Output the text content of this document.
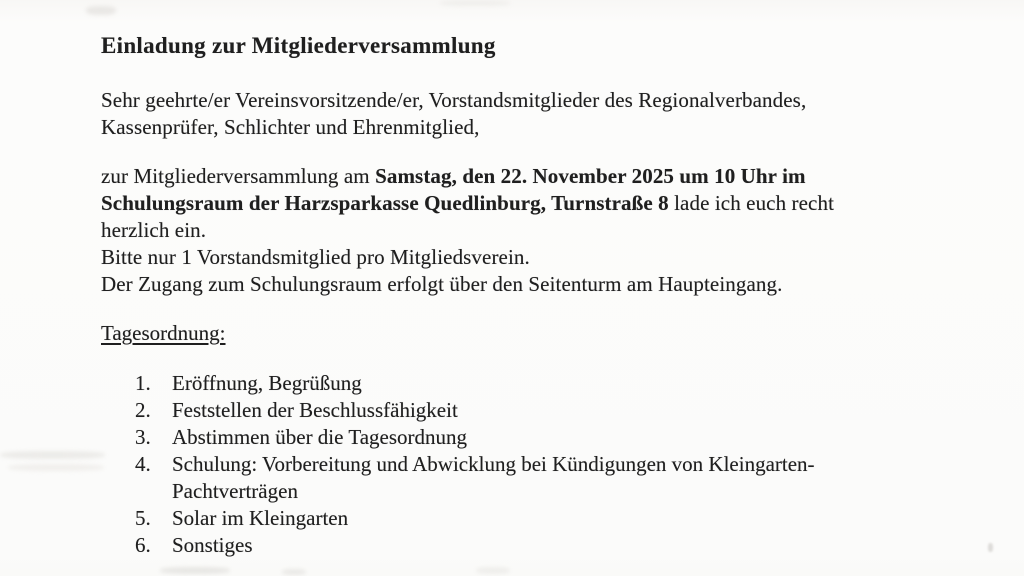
Einladung zur Mitgliederversammlung

Sehr geehrte/er Vereinsvorsitzende/er, Vorstandsmitglieder des Regionalverbandes,
Kassenprüfer, Schlichter und Ehrenmitglied,

zur Mitgliederversammlung am Samstag, den 22. November 2025 um 10 Uhr im
Schulungsraum der Harzsparkasse Quedlinburg, Turnstraße 8 lade ich euch recht
herzlich ein.
Bitte nur 1 Vorstandsmitglied pro Mitgliedsverein.
Der Zugang zum Schulungsraum erfolgt über den Seitenturm am Haupteingang.

Tagesordnung:

1.	Eröffnung, Begrüßung
2.	Feststellen der Beschlussfähigkeit
3.	Abstimmen über die Tagesordnung
4.	Schulung: Vorbereitung und Abwicklung bei Kündigungen von Kleingarten-
Pachtverträgen
5.	Solar im Kleingarten
6.	Sonstiges
